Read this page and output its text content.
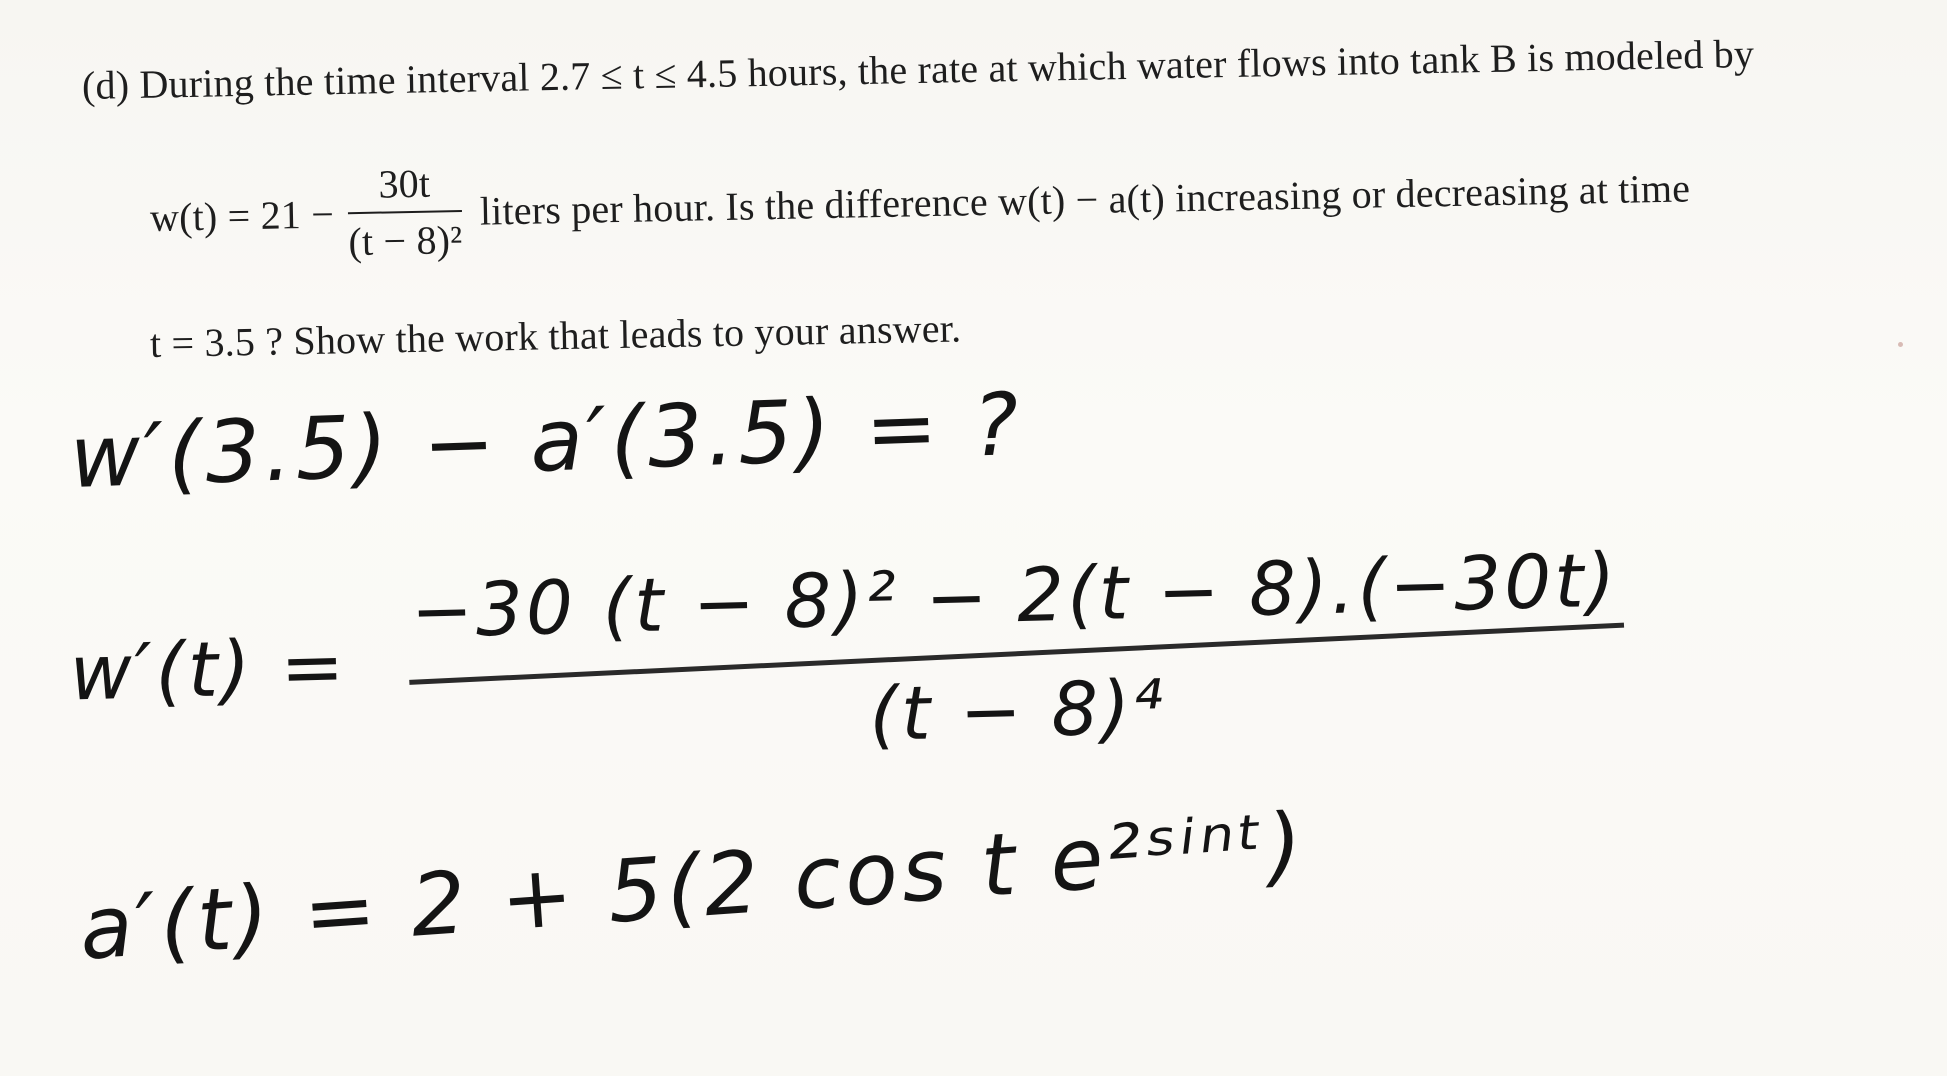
(d) During the time interval 2.7 ≤ t ≤ 4.5 hours, the rate at which water flows into tank B is modeled by
w(t) = 21 −
30t
(t − 8)²
liters per hour. Is the difference w(t) − a(t) increasing or decreasing at time
t = 3.5 ? Show the work that leads to your answer.
w′(3.5) − a′(3.5) = ?
w′(t) =
−30 (t − 8)² − 2(t − 8).(−30t)
(t − 8)⁴
a′(t) = 2 + 5(2 cos t e²ˢⁱⁿᵗ)
